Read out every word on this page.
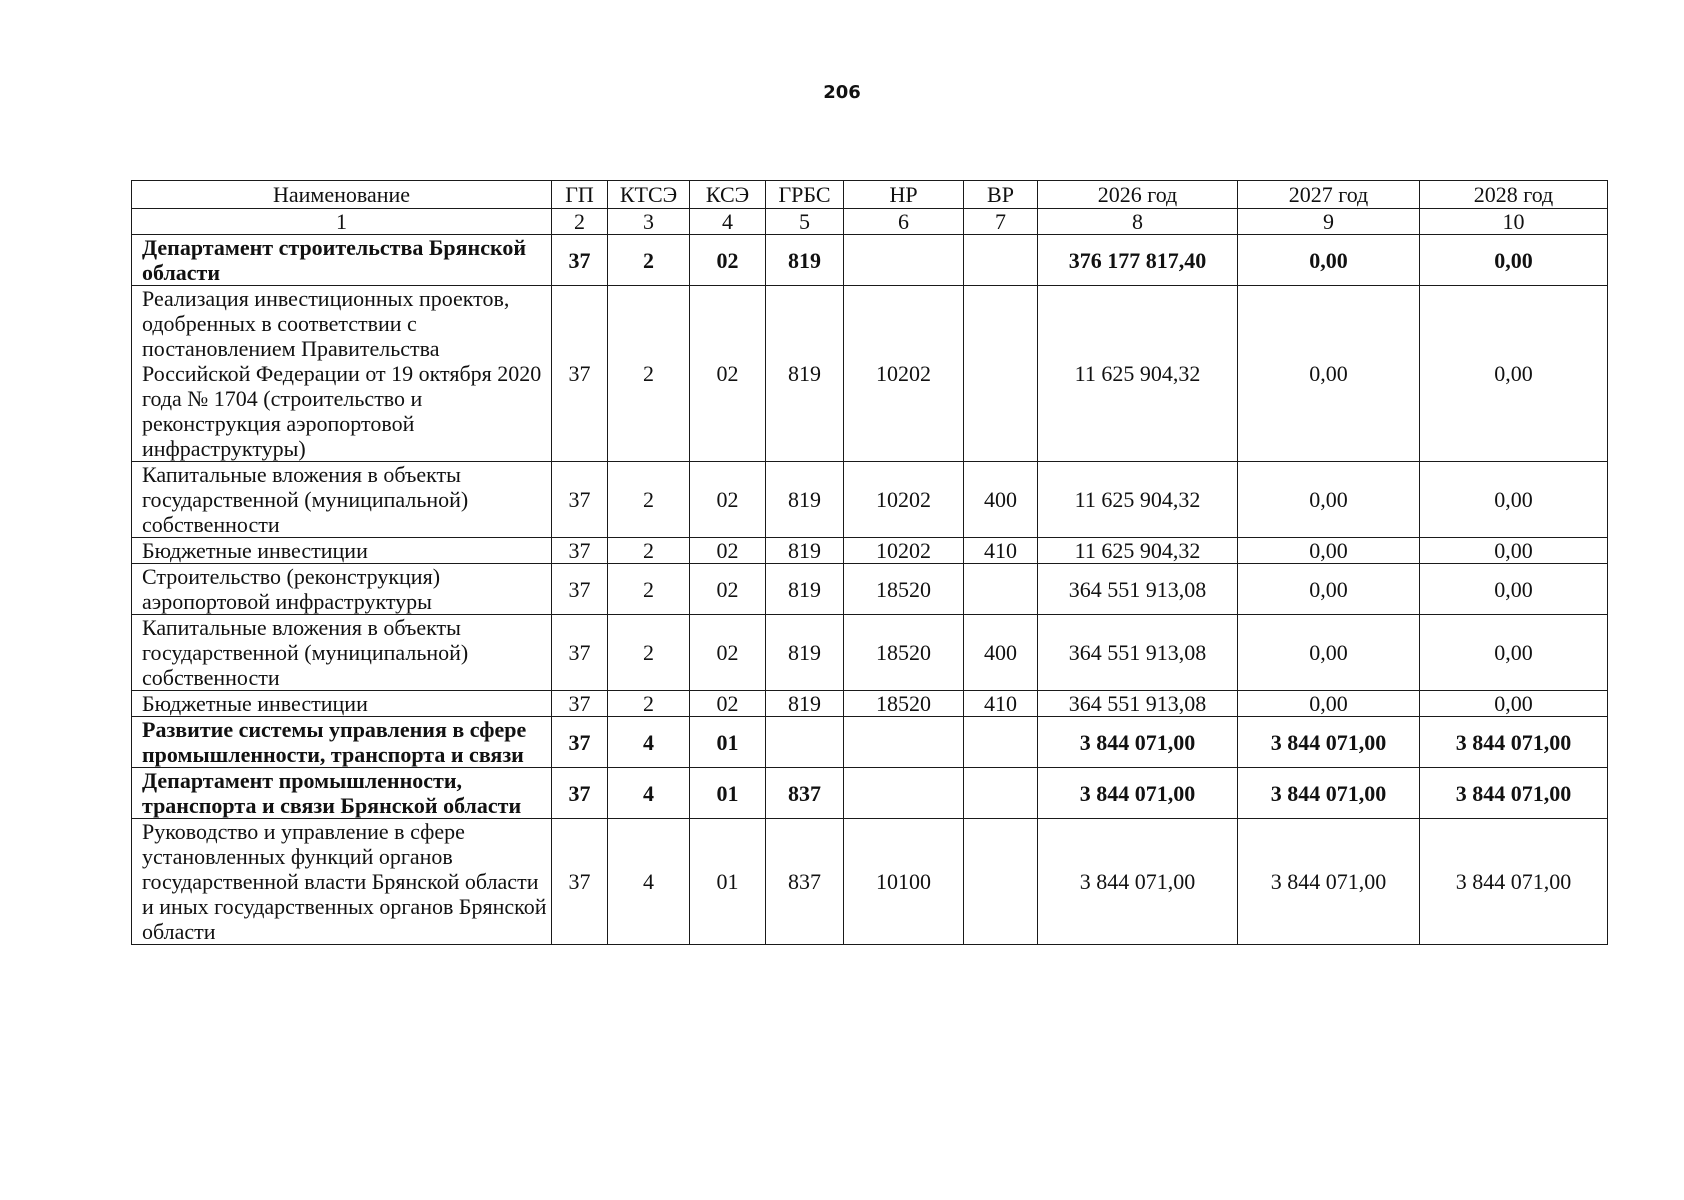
206
Наименование	ГП	КТСЭ	КСЭ	ГРБС	НР	ВР	2026 год	2027 год	2028 год
1	2	3	4	5	6	7	8	9	10
Департамент строительства Брянской области	37	2	02	819			376 177 817,40	0,00	0,00
Реализация инвестиционных проектов, одобренных в соответствии с постановлением Правительства Российской Федерации от 19 октября 2020 года № 1704 (строительство и реконструкция аэропортовой инфраструктуры)	37	2	02	819	10202		11 625 904,32	0,00	0,00
Капитальные вложения в объекты государственной (муниципальной) собственности	37	2	02	819	10202	400	11 625 904,32	0,00	0,00
Бюджетные инвестиции	37	2	02	819	10202	410	11 625 904,32	0,00	0,00
Строительство (реконструкция) аэропортовой инфраструктуры	37	2	02	819	18520		364 551 913,08	0,00	0,00
Капитальные вложения в объекты государственной (муниципальной) собственности	37	2	02	819	18520	400	364 551 913,08	0,00	0,00
Бюджетные инвестиции	37	2	02	819	18520	410	364 551 913,08	0,00	0,00
Развитие системы управления в сфере промышленности, транспорта и связи	37	4	01				3 844 071,00	3 844 071,00	3 844 071,00
Департамент промышленности, транспорта и связи Брянской области	37	4	01	837			3 844 071,00	3 844 071,00	3 844 071,00
Руководство и управление в сфере установленных функций органов государственной власти Брянской области и иных государственных органов Брянской области	37	4	01	837	10100		3 844 071,00	3 844 071,00	3 844 071,00
